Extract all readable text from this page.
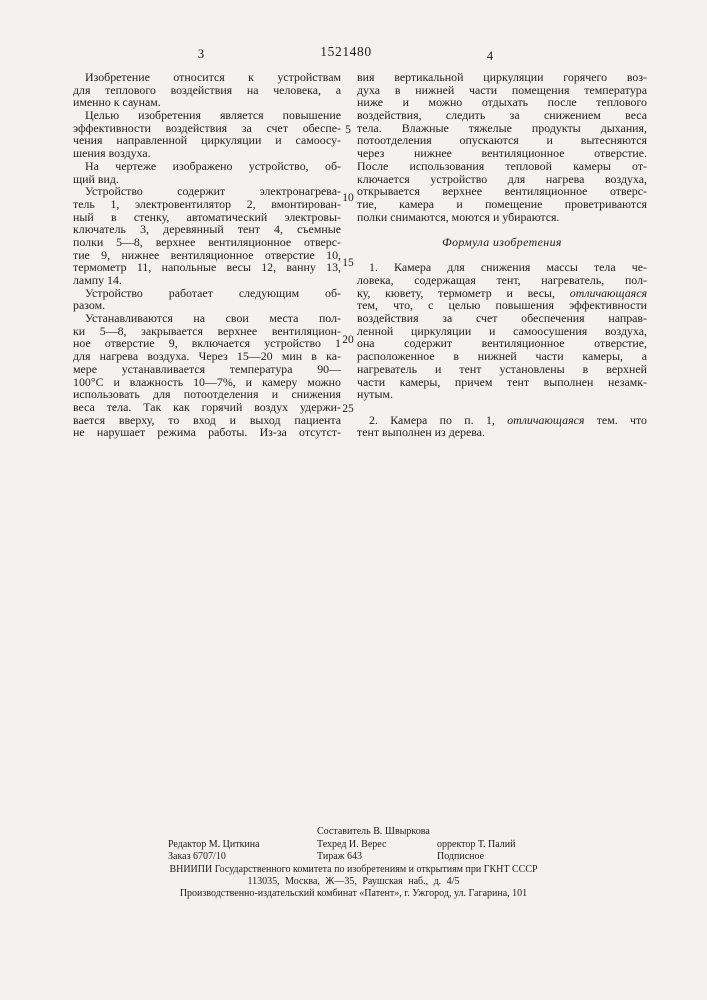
3	1521480	4
Изобретение относится к устройствам
для теплового воздействия на человека, а
именно к саунам.
Целью изобретения является повышение
эффективности воздействия за счет обеспе-
чения направленной циркуляции и самоосу-
шения воздуха.
На чертеже изображено устройство, об-
щий вид.
Устройство содержит электронагрева-
тель 1, электровентилятор 2, вмонтирован-
ный в стенку, автоматический электровы-
ключатель 3, деревянный тент 4, съемные
полки 5—8, верхнее вентиляционное отверс-
тие 9, нижнее вентиляционное отверстие 10,
термометр 11, напольные весы 12, ванну 13,
лампу 14.
Устройство работает следующим об-
разом.
Устанавливаются на свои места пол-
ки 5—8, закрывается верхнее вентиляцион-
ное отверстие 9, включается устройство 1
для нагрева воздуха. Через 15—20 мин в ка-
мере устанавливается температура 90—
100°С и влажность 10—7%, и камеру можно
использовать для потоотделения и снижения
веса тела. Так как горячий воздух удержи-
вается вверху, то вход и выход пациента
не нарушает режима работы. Из-за отсутст-
5
10
15
20
25
вия вертикальной циркуляции горячего воз-
духа в нижней части помещения температура
ниже и можно отдыхать после теплового
воздействия, следить за снижением веса
тела. Влажные тяжелые продукты дыхания,
потоотделения опускаются и вытесняются
через нижнее вентиляционное отверстие.
После использования тепловой камеры от-
ключается устройство для нагрева воздуха,
открывается верхнее вентиляционное отверс-
тие, камера и помещение проветриваются
полки снимаются, моются и убираются.

Формула изобретения

1. Камера для снижения массы тела че-
ловека, содержащая тент, нагреватель, пол-
ку, кювету, термометр и весы, отличающаяся
тем, что, с целью повышения эффективности
воздействия за счет обеспечения направ-
ленной циркуляции и самоосушения воздуха,
она содержит вентиляционное отверстие,
расположенное в нижней части камеры, а
нагреватель и тент установлены в верхней
части камеры, причем тент выполнен незамк-
нутым.

2. Камера по п. 1, отличающаяся тем. что
тент выполнен из дерева.
Составитель В. Швыркова
Редактор М. Циткина	Техред И. Верес	орректор Т. Палий
Заказ 6707/10	Тираж 643	Подписное
ВНИИПИ Государственного комитета по изобретениям и открытиям при ГКНТ СССР
113035, Москва, Ж—35, Раушская наб., д. 4/5
Производственно-издательский комбинат «Патент», г. Ужгород, ул. Гагарина, 101
